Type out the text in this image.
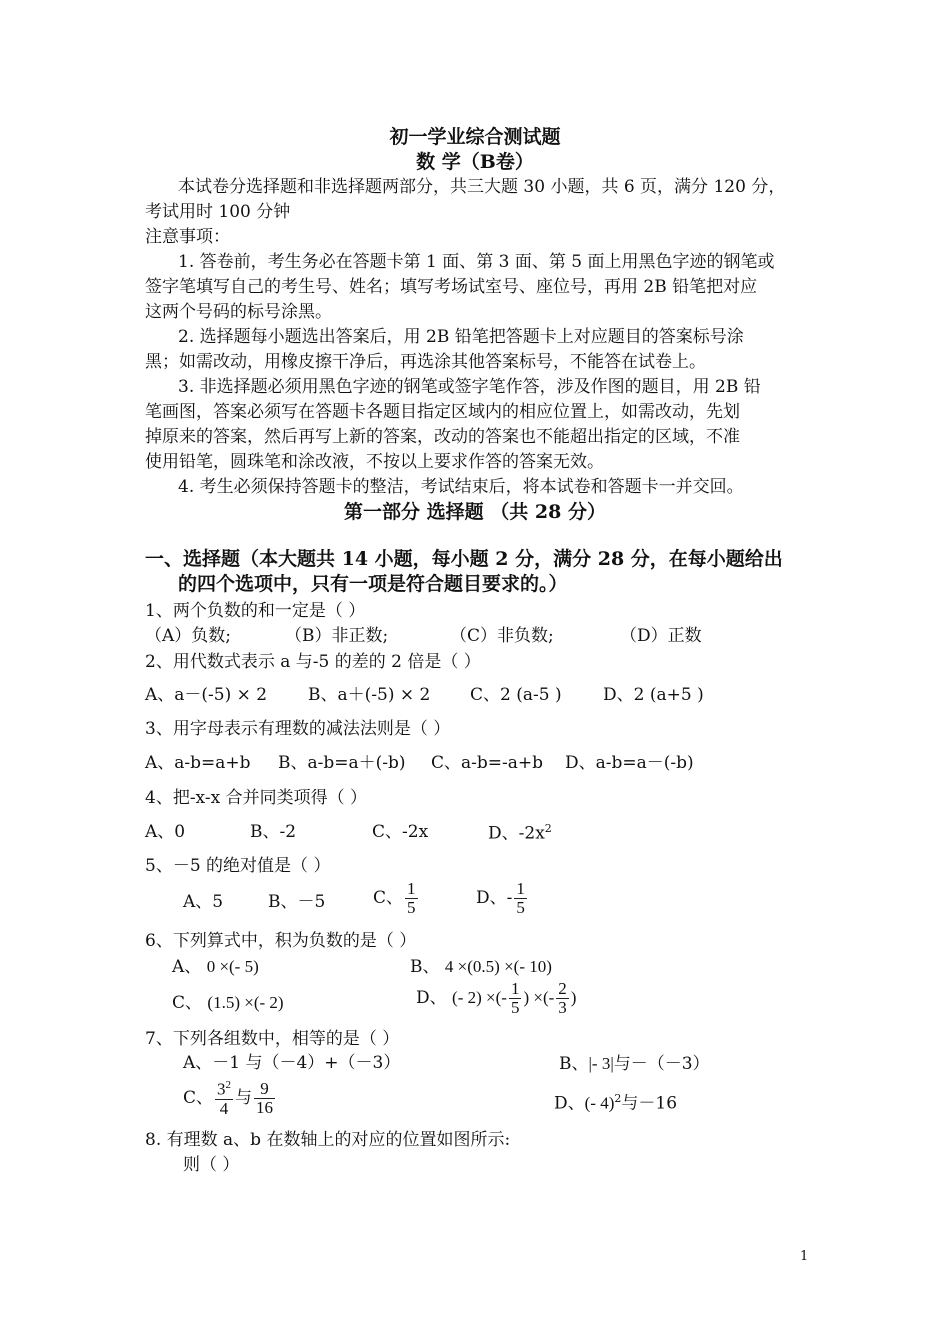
初一学业综合测试题
数 学（B卷）
本试卷分选择题和非选择题两部分，共三大题 30 小题，共 6 页，满分 120 分，
考试用时 100 分钟
注意事项：
1. 答卷前，考生务必在答题卡第 1 面、第 3 面、第 5 面上用黑色字迹的钢笔或
签字笔填写自己的考生号、姓名；填写考场试室号、座位号，再用 2B 铅笔把对应
这两个号码的标号涂黑。
2. 选择题每小题选出答案后，用 2B 铅笔把答题卡上对应题目的答案标号涂
黑；如需改动，用橡皮擦干净后，再选涂其他答案标号，不能答在试卷上。
3. 非选择题必须用黑色字迹的钢笔或签字笔作答，涉及作图的题目，用 2B 铅
笔画图，答案必须写在答题卡各题目指定区域内的相应位置上，如需改动，先划
掉原来的答案，然后再写上新的答案，改动的答案也不能超出指定的区域，不准
使用铅笔，圆珠笔和涂改液，不按以上要求作答的答案无效。
4. 考生必须保持答题卡的整洁，考试结束后，将本试卷和答题卡一并交回。
第一部分 选择题 （共 28 分）
一、选择题（本大题共 14 小题，每小题 2 分，满分 28 分，在每小题给出
的四个选项中，只有一项是符合题目要求的。）
1、两个负数的和一定是（ ）
（A）负数;	（B）非正数;	（C）非负数;	（D）正数
2、用代数式表示 a 与-5 的差的 2 倍是（ ）
A、a－(-5) × 2 B、a＋(-5) × 2 C、2 (a-5 ) D、2 (a+5 )
3、用字母表示有理数的减法法则是（ ）
A、a-b=a+b B、a-b=a＋(-b) C、a-b=-a+b D、a-b=a－(-b)
4、把-x-x 合并同类项得（ ）
A、0	B、-2	C、-2x	D、$-2x^2$
5、－5 的绝对值是（ ）
A、5	B、－5	C、 $\frac{1}{5}$	D、- $\frac{1}{5}$
6、下列算式中，积为负数的是（ ）
A、 0 ×(- 5)	B、 4 ×(0.5) ×(- 10)
C、 (1.5) ×(- 2)	D、 (- 2) ×(- $\frac{1}{5}$ ) ×(- $\frac{2}{3}$ )
7、下列各组数中，相等的是（ ）
A、－1 与（－4）+（－3）	B、|- 3|与－（－3）
C、 $\frac{3^2}{4}$ 与 $\frac{9}{16}$	D、(- 4)$^2$与－16
8. 有理数 a、b 在数轴上的对应的位置如图所示:
则（ ）
1
